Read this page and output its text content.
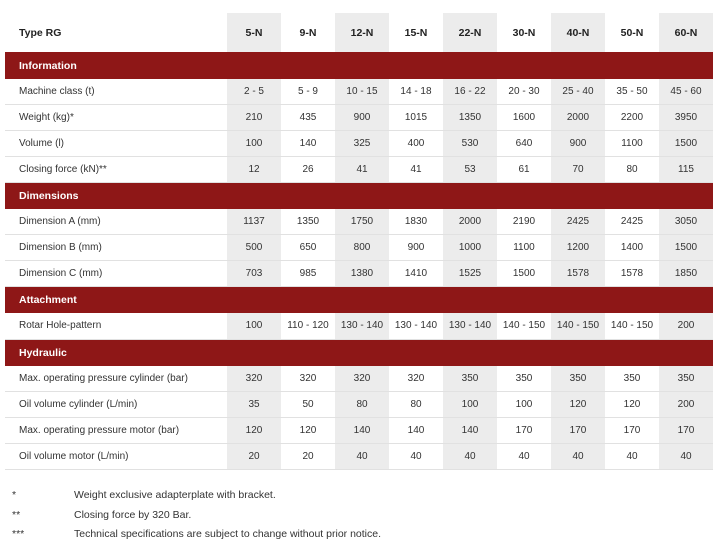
Type RG	5-N	9-N	12-N	15-N	22-N	30-N	40-N	50-N	60-N
Information									
Machine class (t)	2 - 5	5 - 9	10 - 15	14 - 18	16 - 22	20 - 30	25 - 40	35 - 50	45 - 60
Weight (kg)*	210	435	900	1015	1350	1600	2000	2200	3950
Volume (l)	100	140	325	400	530	640	900	1100	1500
Closing force (kN)**	12	26	41	41	53	61	70	80	115
Dimensions									
Dimension A (mm)	1137	1350	1750	1830	2000	2190	2425	2425	3050
Dimension B (mm)	500	650	800	900	1000	1100	1200	1400	1500
Dimension C (mm)	703	985	1380	1410	1525	1500	1578	1578	1850
Attachment									
Rotar Hole-pattern	100	110 - 120	130 - 140	130 - 140	130 - 140	140 - 150	140 - 150	140 - 150	200
Hydraulic									
Max. operating pressure cylinder (bar)	320	320	320	320	350	350	350	350	350
Oil volume cylinder (L/min)	35	50	80	80	100	100	120	120	200
Max. operating pressure motor (bar)	120	120	140	140	140	170	170	170	170
Oil volume motor (L/min)	20	20	40	40	40	40	40	40	40
*	Weight exclusive adapterplate with bracket.
**	Closing force by 320 Bar.
***	Technical specifications are subject to change without prior notice.
